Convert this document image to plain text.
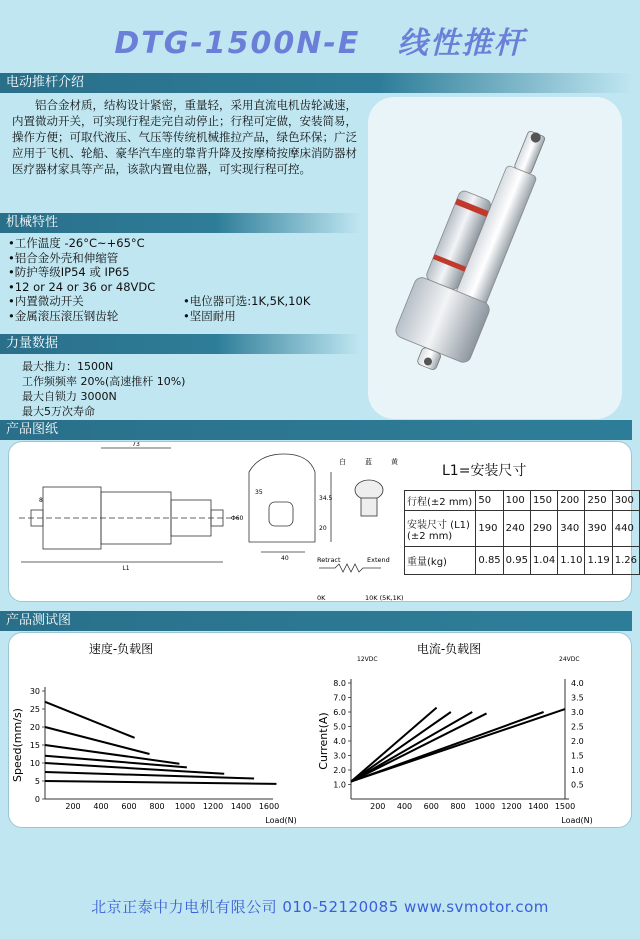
DTG-1500N-E 线性推杆
电动推杆介绍
铝合金材质，结构设计紧密，重量轻，采用直流电机齿轮减速，内置微动开关，可实现行程走完自动停止；行程可定做，安装简易，操作方便；可取代液压、气压等传统机械推拉产品，绿色环保；广泛应用于飞机、轮船、豪华汽车座的靠背升降及按摩椅按摩床消防器材医疗器材家具等产品，该款内置电位器，可实现行程可控。
机械特性
•工作温度 -26°C~+65°C
•铝合金外壳和伸缩管
•防护等级IP54 或 IP65
•12 or 24 or 36 or 48VDC
•内置微动开关	•电位器可选:1K,5K,10K
•金属滚压滚压钢齿轮	•坚固耐用
力量数据
最大推力：1500N
工作频频率 20%(高速推杆 10%)
最大自锁力 3000N
最大5万次寿命
产品图纸
73
L1
35
34.5
20
40
8
Φ60
白	蓝	黄
Retract	Extend
0K	10K (5K,1K)
L1=安装尺寸
行程(±2 mm)	50	100	150	200	250	300
安装尺寸 (L1)(±2 mm)	190	240	290	340	390	440
重量(kg)	0.85	0.95	1.04	1.10	1.19	1.26
产品测试图
速度-负载图
0
5
10
15
20
25
30
200 400 600 800 1000 1200 1400 1600
Load(N)
Speed(mm/s)
电流-负载图
1.0
2.0
3.0
4.0
5.0
6.0
7.0
8.0
0.5
1.0
1.5
2.0
2.5
3.0
3.5
4.0
12VDC	24VDC
200 400 600 800 1000 1200 1400 1500
Load(N)
Current(A)
北京正泰中力电机有限公司 010-52120085 www.svmotor.com
